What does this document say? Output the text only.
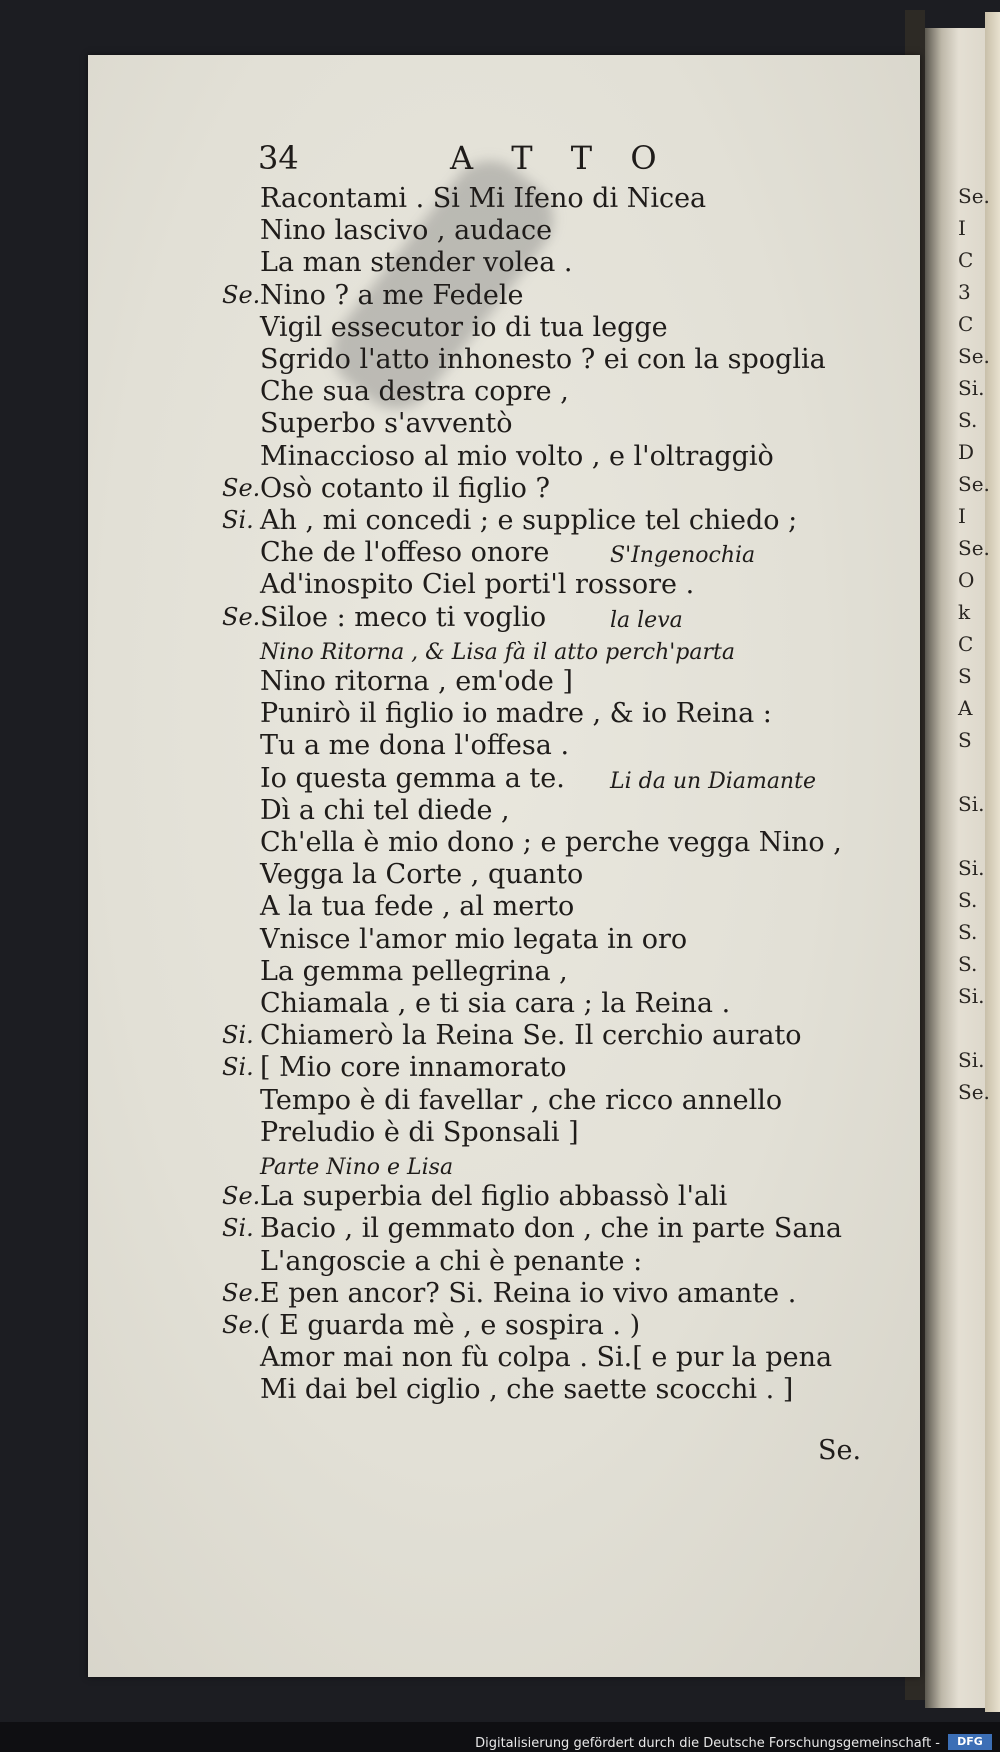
Se.
I
C
3
C
Se.
Si.
S.
D
Se.
I
Se.
O
k
C
S
A
S
Si.
Si.
S.
S.
S.
Si.
Si.
Se.
34	A T T O
Racontami . Si Mi Ifeno di Nicea
Nino lascivo , audace
La man stender volea .
Se. Nino ? a me Fedele
Vigil essecutor io di tua legge
Sgrido l'atto inhonesto ? ei con la spoglia
Che sua destra copre ,
Superbo s'avventò
Minaccioso al mio volto , e l'oltraggiò
Se. Osò cotanto il figlio ?
Si. Ah , mi concedi ; e supplice tel chiedo ;
Che de l'offeso onore	S'Ingenochia
Ad'inospito Ciel porti'l rossore .
Se. Siloe : meco ti voglio	la leva
Nino Ritorna , & Lisa fà il atto perch'parta
Nino ritorna , em'ode ]
Punirò il figlio io madre , & io Reina :
Tu a me dona l'offesa .
Io questa gemma a te. Li da un Diamante
Dì a chi tel diede ,
Ch'ella è mio dono ; e perche vegga Nino ,
Vegga la Corte , quanto
A la tua fede , al merto
Vnisce l'amor mio legata in oro
La gemma pellegrina ,
Chiamala , e ti sia cara ; la Reina .
Si. Chiamerò la Reina Se. Il cerchio aurato
Si. [ Mio core innamorato
Tempo è di favellar , che ricco annello
Preludio è di Sponsali ]
Parte Nino e Lisa
Se. La superbia del figlio abbassò l'ali
Si. Bacio , il gemmato don , che in parte Sana
L'angoscie a chi è penante :
Se. E pen ancor? Si. Reina io vivo amante .
Se. ( E guarda mè , e sospira . )
Amor mai non fù colpa . Si.[ e pur la pena
Mi dai bel ciglio , che saette scocchi . ]
Se.
Digitalisierung gefördert durch die Deutsche Forschungsgemeinschaft -	DFG
